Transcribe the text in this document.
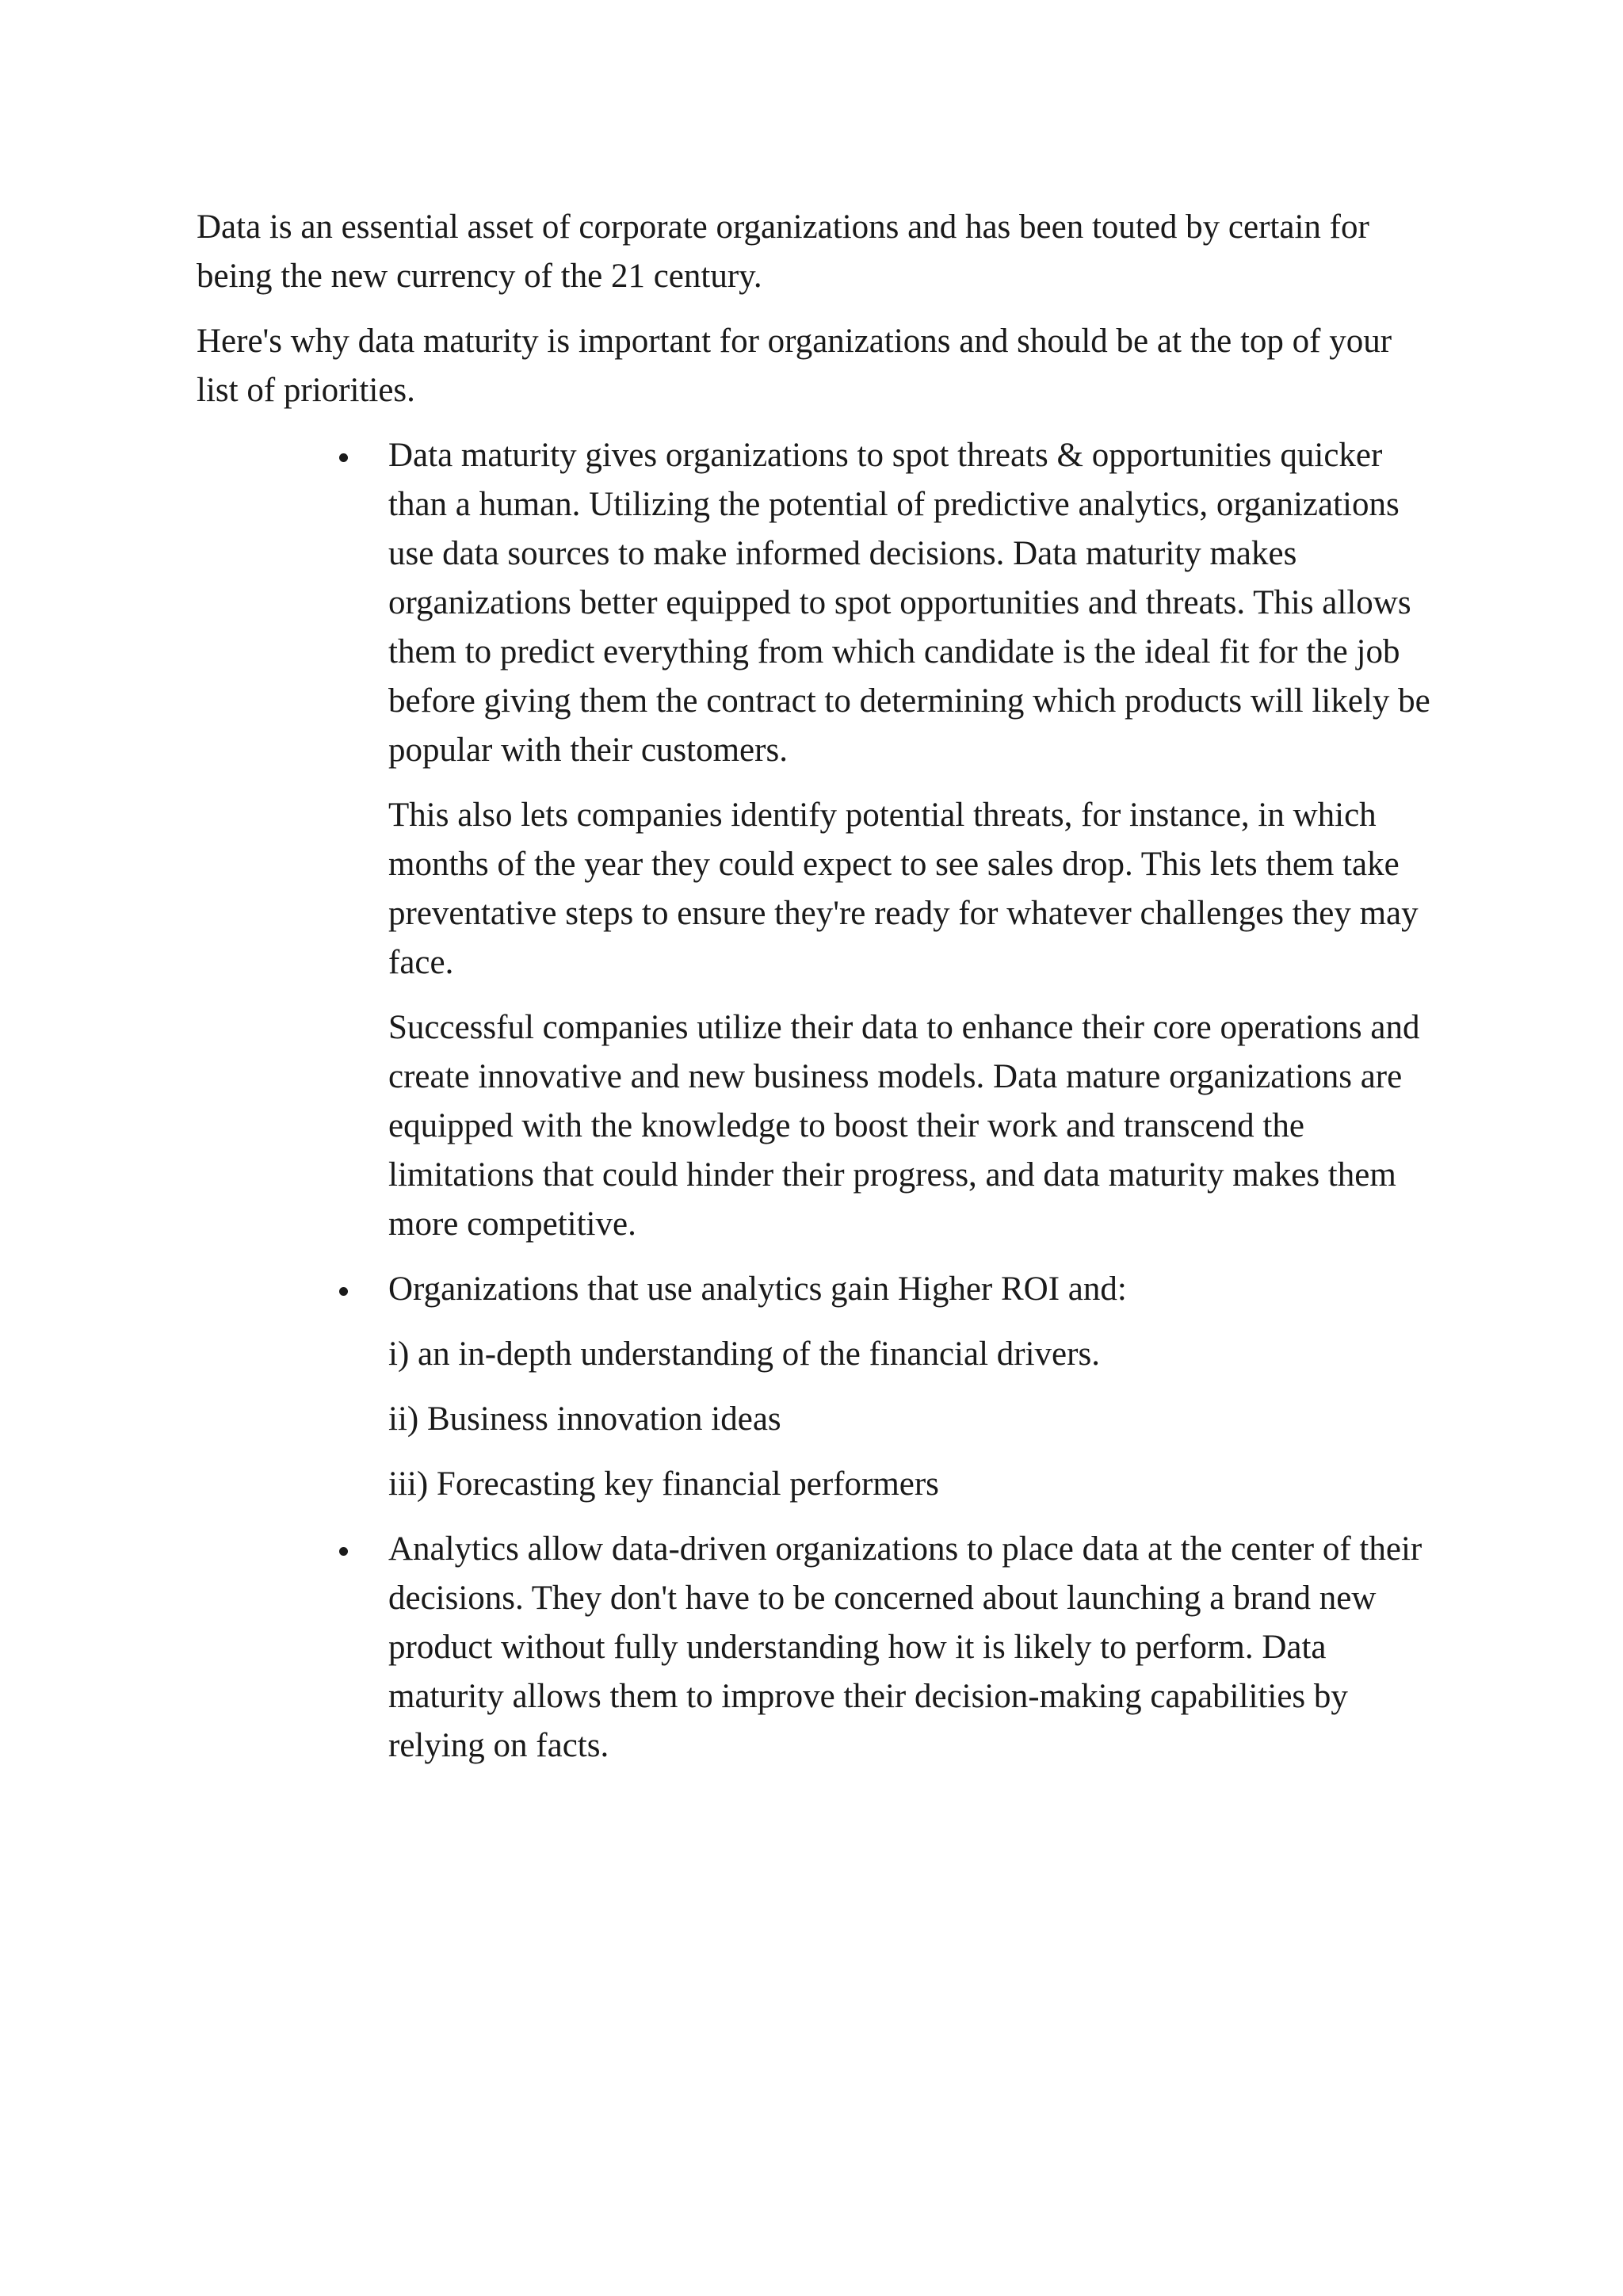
Data is an essential asset of corporate organizations and has been touted by certain for being the new currency of the 21 century.

Here's why data maturity is important for organizations and should be at the top of your list of priorities.

Data maturity gives organizations to spot threats & opportunities quicker than a human. Utilizing the potential of predictive analytics, organizations use data sources to make informed decisions. Data maturity makes organizations better equipped to spot opportunities and threats. This allows them to predict everything from which candidate is the ideal fit for the job before giving them the contract to determining which products will likely be popular with their customers.

This also lets companies identify potential threats, for instance, in which months of the year they could expect to see sales drop. This lets them take preventative steps to ensure they're ready for whatever challenges they may face.

Successful companies utilize their data to enhance their core operations and create innovative and new business models. Data mature organizations are equipped with the knowledge to boost their work and transcend the limitations that could hinder their progress, and data maturity makes them more competitive.

Organizations that use analytics gain Higher ROI and:

i) an in-depth understanding of the financial drivers.

ii) Business innovation ideas

iii) Forecasting key financial performers

Analytics allow data-driven organizations to place data at the center of their decisions. They don't have to be concerned about launching a brand new product without fully understanding how it is likely to perform. Data maturity allows them to improve their decision-making capabilities by relying on facts.
